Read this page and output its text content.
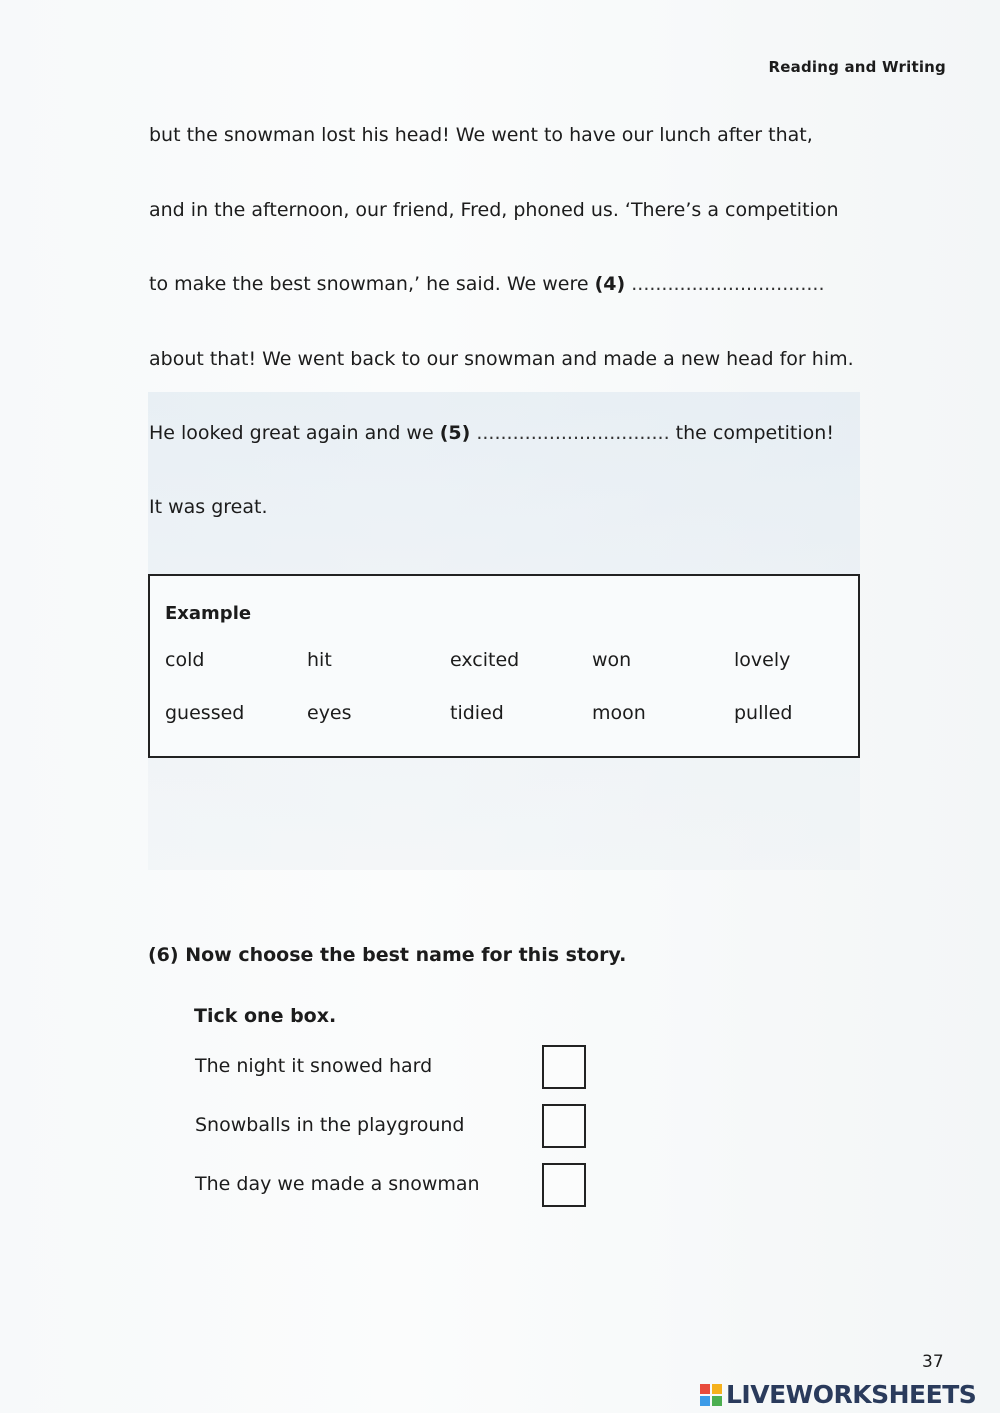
Reading and Writing
but the snowman lost his head! We went to have our lunch after that,
and in the afternoon, our friend, Fred, phoned us. ‘There’s a competition
to make the best snowman,’ he said. We were (4) ................................
about that! We went back to our snowman and made a new head for him.
He looked great again and we (5) ................................ the competition!
It was great.
Example
cold	hit	excited	won	lovely
guessed	eyes	tidied	moon	pulled
(6) Now choose the best name for this story.
Tick one box.
The night it snowed hard
Snowballs in the playground
The day we made a snowman
37
LIVEWORKSHEETS
